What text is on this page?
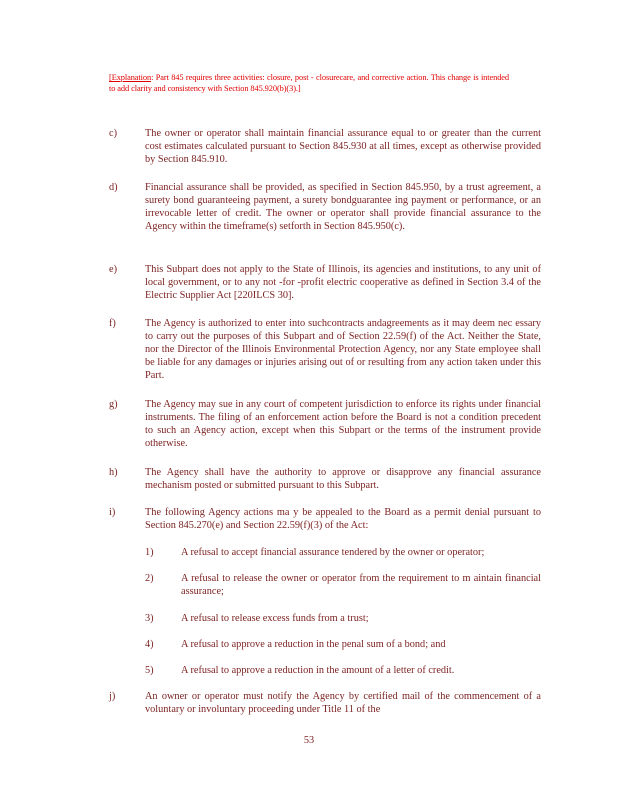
[Explanation: Part 845 requires three activities: closure, post - closurecare, and corrective action. This change is intended to add clarity and consistency with Section 845.920(b)(3).]
c)	The owner or operator shall maintain financial assurance equal to or greater than the current cost estimates calculated pursuant to Section 845.930 at all times, except as otherwise provided by Section 845.910.
d)	Financial assurance shall be provided, as specified in Section 845.950, by a trust agreement, a surety bond guaranteeing payment, a surety bondguarantee ing payment or performance, or an irrevocable letter of credit. The owner or operator shall provide financial assurance to the Agency within the timeframe(s) setforth in Section 845.950(c).
e)	This Subpart does not apply to the State of Illinois, its agencies and institutions, to any unit of local government, or to any not -for -profit electric cooperative as defined in Section 3.4 of the Electric Supplier Act [220ILCS 30].
f)	The Agency is authorized to enter into suchcontracts andagreements as it may deem nec essary to carry out the purposes of this Subpart and of Section 22.59(f) of the Act. Neither the State, nor the Director of the Illinois Environmental Protection Agency, nor any State employee shall be liable for any damages or injuries arising out of or resulting from any action taken under this Part.
g)	The Agency may sue in any court of competent jurisdiction to enforce its rights under financial instruments. The filing of an enforcement action before the Board is not a condition precedent to such an Agency action, except when this Subpart or the terms of the instrument provide otherwise.
h)	The Agency shall have the authority to approve or disapprove any financial assurance mechanism posted or submitted pursuant to this Subpart.
i)	The following Agency actions ma y be appealed to the Board as a permit denial pursuant to Section 845.270(e) and Section 22.59(f)(3) of the Act:
1)	A refusal to accept financial assurance tendered by the owner or operator;
2)	A refusal to release the owner or operator from the requirement to m aintain financial assurance;
3)	A refusal to release excess funds from a trust;
4)	A refusal to approve a reduction in the penal sum of a bond; and
5)	A refusal to approve a reduction in the amount of a letter of credit.
j)	An owner or operator must notify the Agency by certified mail of the commencement of a voluntary or involuntary proceeding under Title 11 of the
53
